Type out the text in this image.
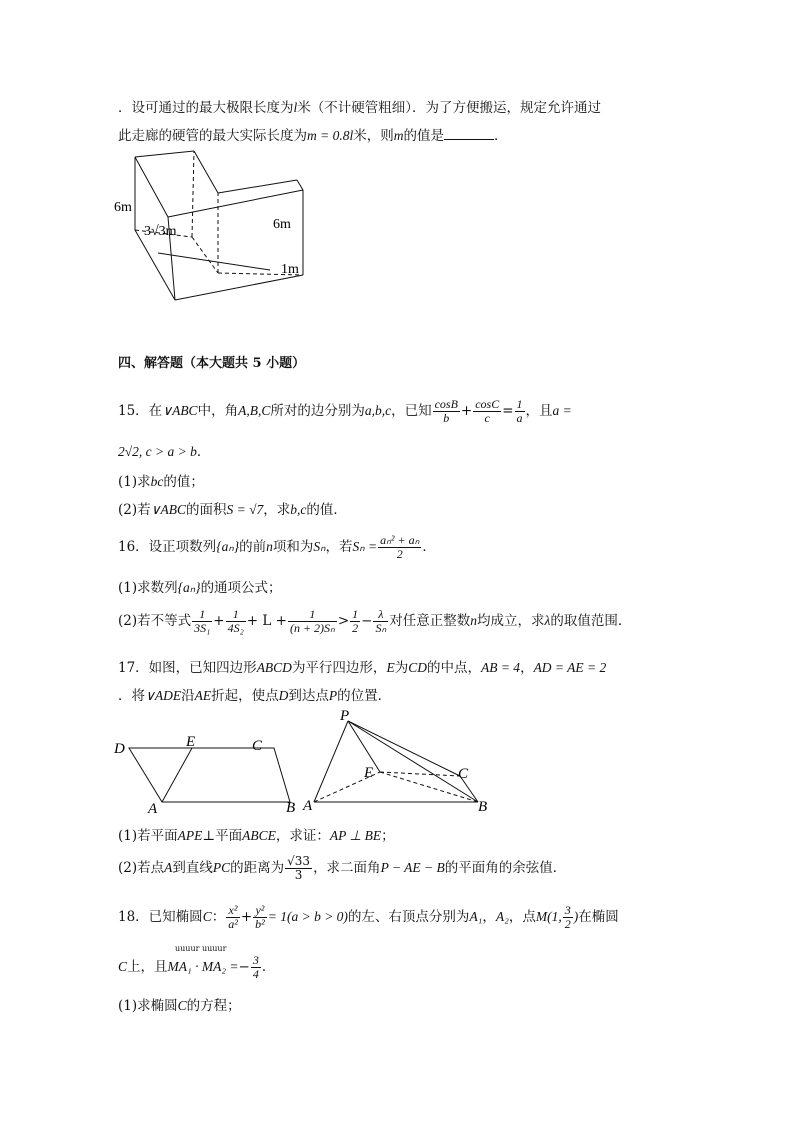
．设可通过的最大极限长度为l米（不计硬管粗细）．为了方便搬运，规定允许通过
此走廊的硬管的最大实际长度为m = 0.8l米，则m的值是	．
6m
3√3m	6m
1m
四、解答题（本大题共 5 小题）
15．在∨ABC中，角A,B,C所对的边分别为a,b,c，已知 $\frac{\cos B}{b} + \frac{\cos C}{c} = \frac{1}{a}$ ，且a =
2√2, c > a > b．
(1)求bc的值；
(2)若∨ABC的面积S = √7，求b,c的值．
16．设正项数列{aₙ}的前n项和为Sₙ，若$S_n = \frac{\text{aₙ² + aₙ}}{2}$ ．
(1)求数列{aₙ}的通项公式；
(2)若不等式 $\frac{1}{\text{3S₁}} + \frac{1}{\text{4S₂}} + L + \frac{1}{\text{(n + 2)Sₙ}} > \frac{1}{2} - \frac{\lambda}{\text{Sₙ}}$ 对任意正整数n均成立，求λ的取值范围．
17．如图，已知四边形ABCD为平行四边形，E为CD的中点，AB = 4，AD = AE = 2
．将∨ADE沿AE折起，使点D到达点P的位置．
D	E	C
A	B
P
E	C
A	B
(1)若平面APE⊥平面ABCE，求证：AP ⊥ BE；
(2)若点A到直线PC的距离为 $\frac{√33}{3}$ ，求二面角P − AE − B的平面角的余弦值．
18．已知椭圆C： $\frac{\text{x²}}{\text{a²}} + \frac{\text{y²}}{\text{b²}} = 1(a > b > 0)$的左、右顶点分别为A₁，A₂，点M(1, $\frac{3}{2}$ )在椭圆
uuuur uuuur
C上，且$MA_1 \cdot MA_2 =- \frac{3}{4}$ ．
(1)求椭圆C的方程；
